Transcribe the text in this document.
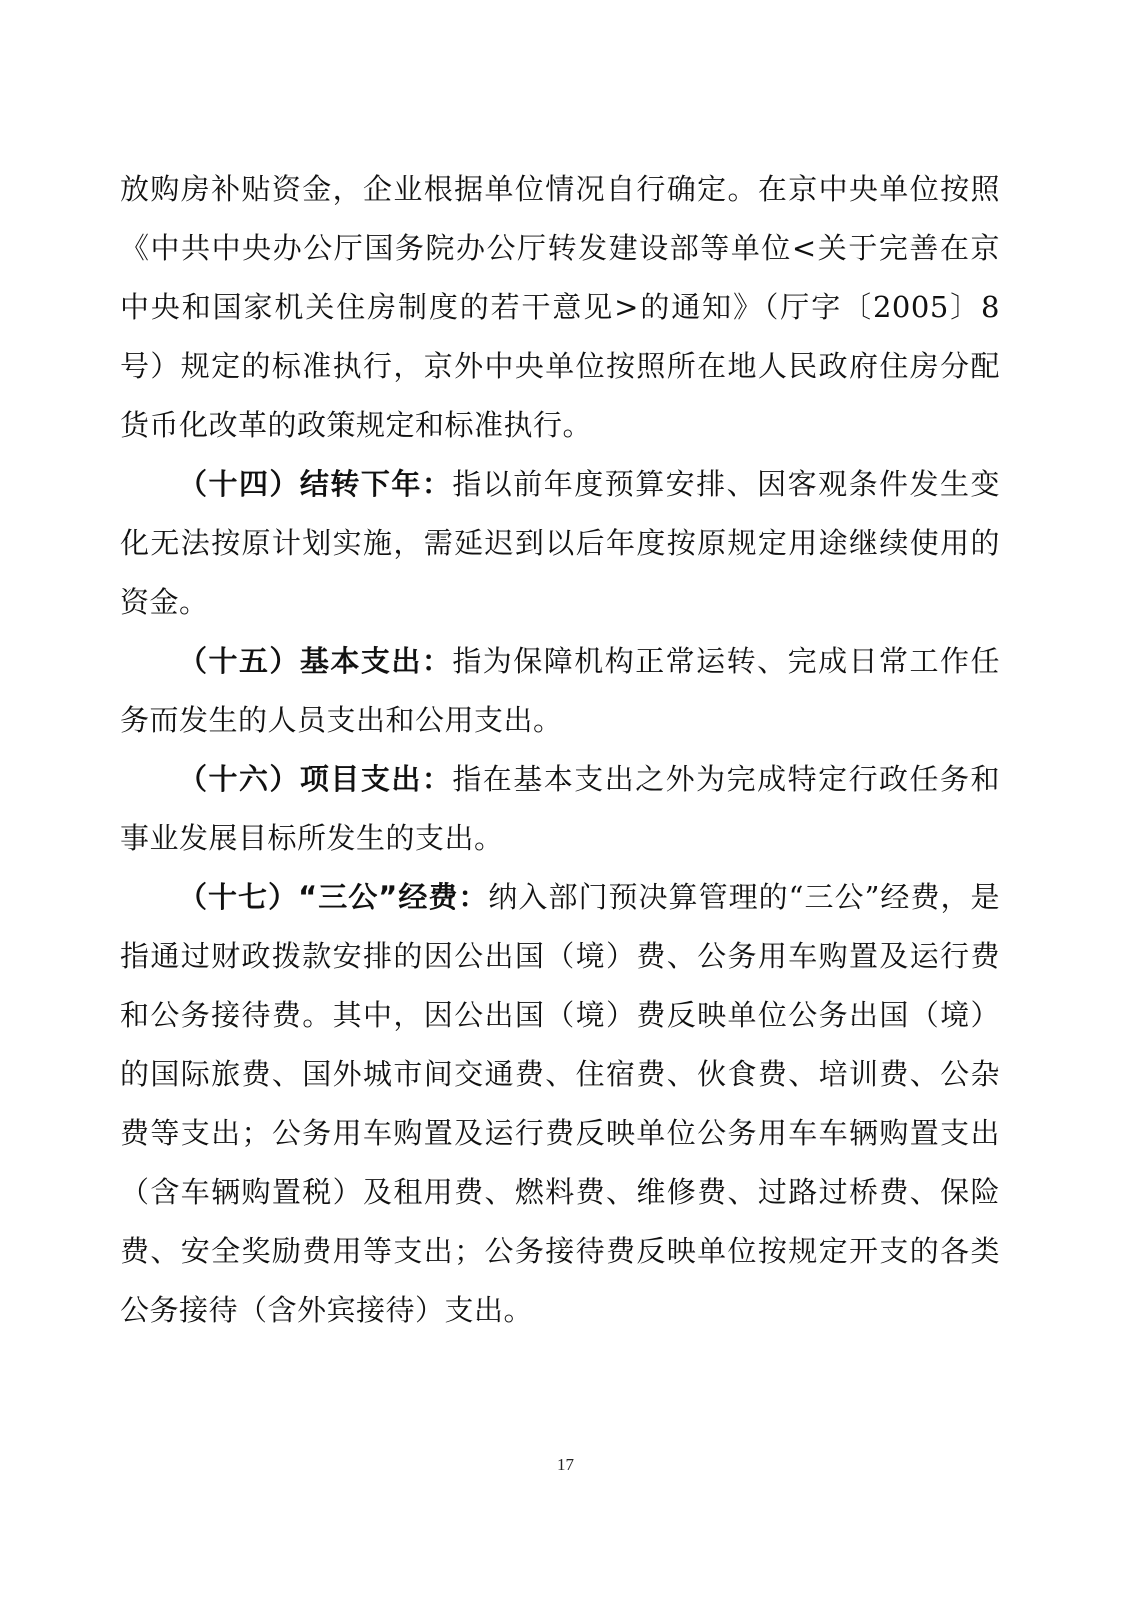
放购房补贴资金，企业根据单位情况自行确定。在京中央单位按照《中共中央办公厅国务院办公厅转发建设部等单位<关于完善在京中央和国家机关住房制度的若干意见>的通知》（厅字〔2005〕8号）规定的标准执行，京外中央单位按照所在地人民政府住房分配货币化改革的政策规定和标准执行。

（十四）结转下年：指以前年度预算安排、因客观条件发生变化无法按原计划实施，需延迟到以后年度按原规定用途继续使用的资金。

（十五）基本支出：指为保障机构正常运转、完成日常工作任务而发生的人员支出和公用支出。

（十六）项目支出：指在基本支出之外为完成特定行政任务和事业发展目标所发生的支出。

（十七）“三公”经费：纳入部门预决算管理的“三公”经费，是指通过财政拨款安排的因公出国（境）费、公务用车购置及运行费和公务接待费。其中，因公出国（境）费反映单位公务出国（境）的国际旅费、国外城市间交通费、住宿费、伙食费、培训费、公杂费等支出；公务用车购置及运行费反映单位公务用车车辆购置支出（含车辆购置税）及租用费、燃料费、维修费、过路过桥费、保险费、安全奖励费用等支出；公务接待费反映单位按规定开支的各类公务接待（含外宾接待）支出。

17
